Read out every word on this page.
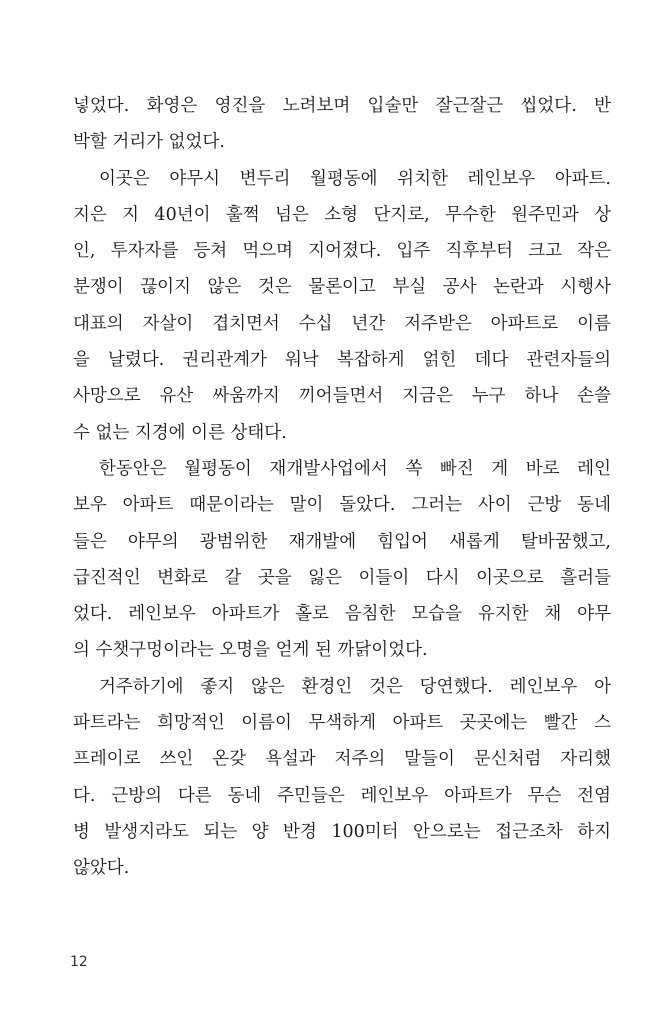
넣었다. 화영은 영진을 노려보며 입술만 잘근잘근 씹었다. 반
박할 거리가 없었다.
이곳은 야무시 변두리 월평동에 위치한 레인보우 아파트.
지은 지 40년이 훌쩍 넘은 소형 단지로, 무수한 원주민과 상
인, 투자자를 등쳐 먹으며 지어졌다. 입주 직후부터 크고 작은
분쟁이 끊이지 않은 것은 물론이고 부실 공사 논란과 시행사
대표의 자살이 겹치면서 수십 년간 저주받은 아파트로 이름
을 날렸다. 권리관계가 워낙 복잡하게 얽힌 데다 관련자들의
사망으로 유산 싸움까지 끼어들면서 지금은 누구 하나 손쓸
수 없는 지경에 이른 상태다.
한동안은 월평동이 재개발사업에서 쏙 빠진 게 바로 레인
보우 아파트 때문이라는 말이 돌았다. 그러는 사이 근방 동네
들은 야무의 광범위한 재개발에 힘입어 새롭게 탈바꿈했고,
급진적인 변화로 갈 곳을 잃은 이들이 다시 이곳으로 흘러들
었다. 레인보우 아파트가 홀로 음침한 모습을 유지한 채 야무
의 수챗구멍이라는 오명을 얻게 된 까닭이었다.
거주하기에 좋지 않은 환경인 것은 당연했다. 레인보우 아
파트라는 희망적인 이름이 무색하게 아파트 곳곳에는 빨간 스
프레이로 쓰인 온갖 욕설과 저주의 말들이 문신처럼 자리했
다. 근방의 다른 동네 주민들은 레인보우 아파트가 무슨 전염
병 발생지라도 되는 양 반경 100미터 안으로는 접근조차 하지
않았다.
12
